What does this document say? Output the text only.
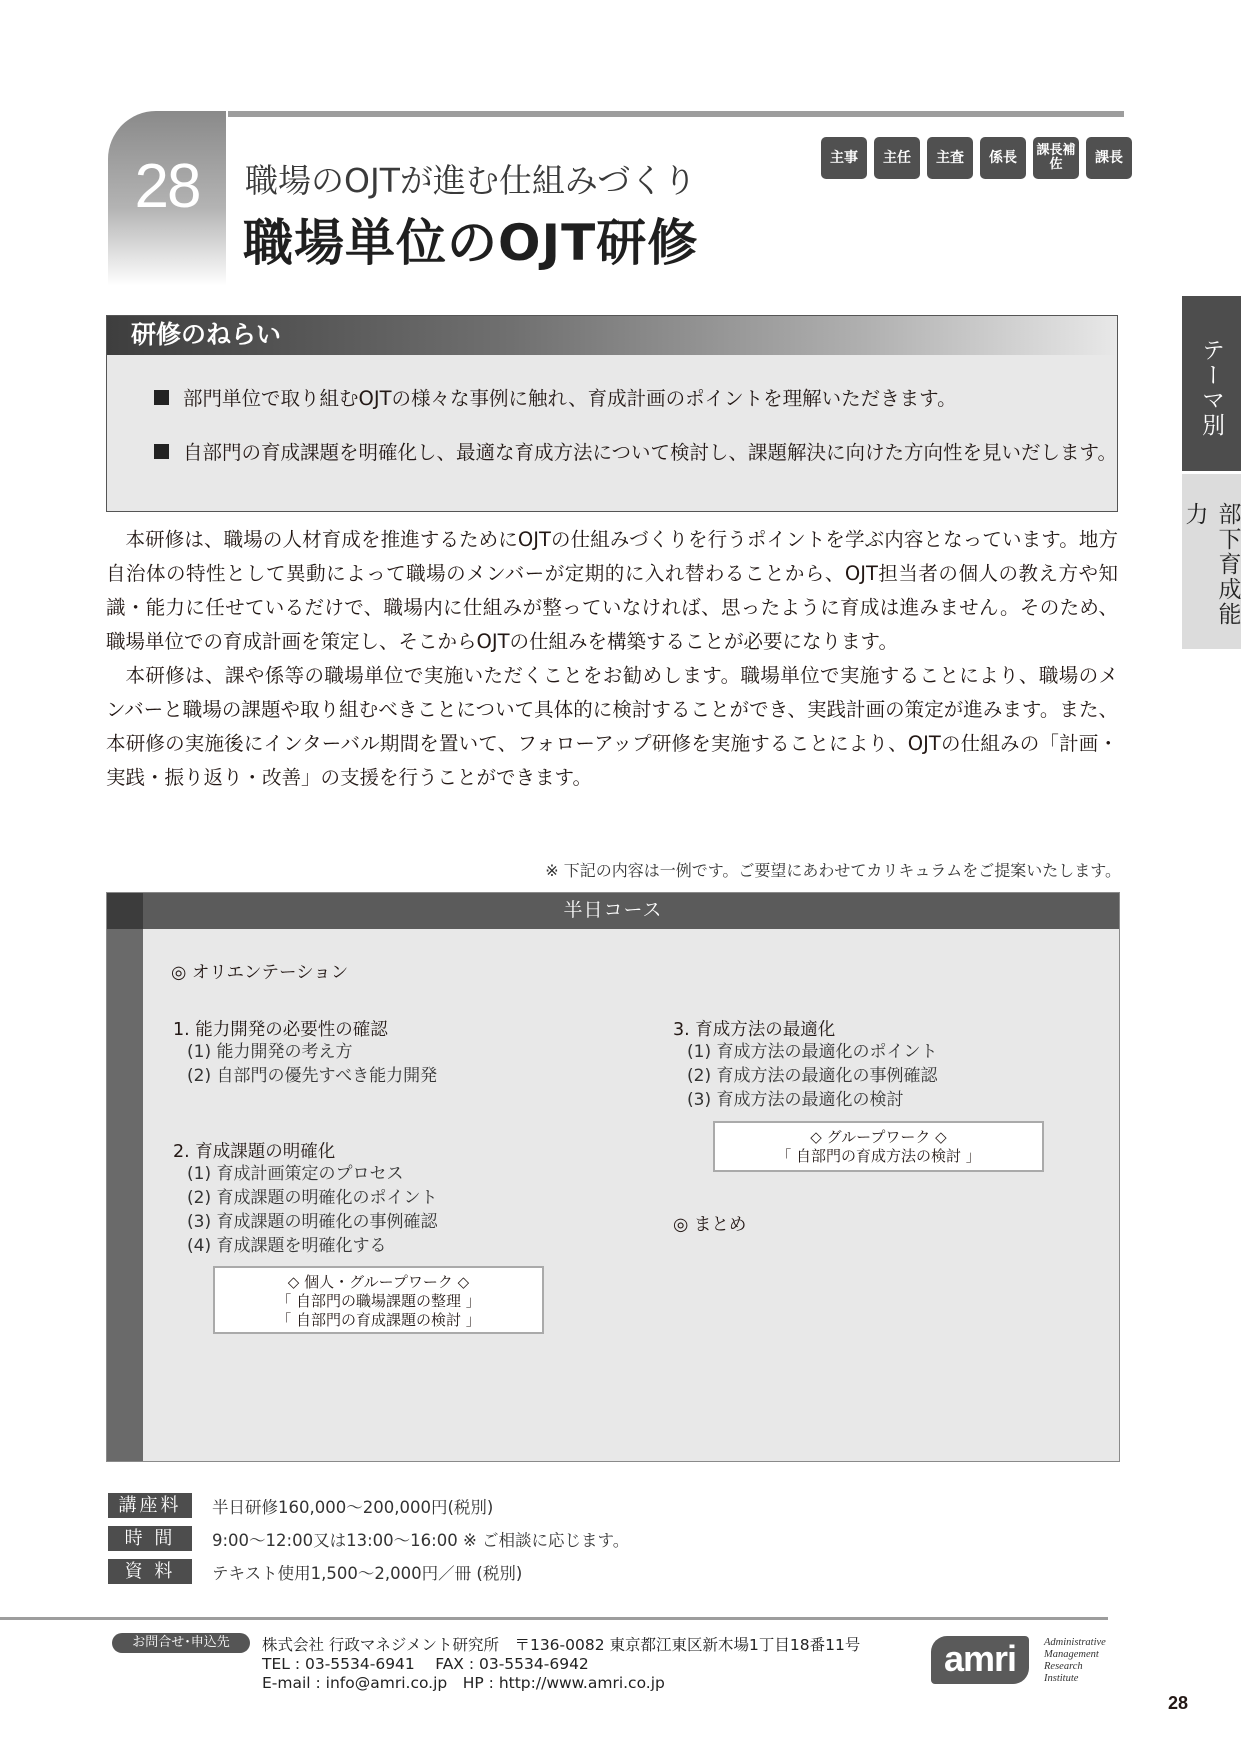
28	職場のOJTが進む仕組みづくり
職場単位のOJT研修
主事	主任	主査	係長	課長補佐	課長
テーマ別
部下育成能力
研修のねらい
部門単位で取り組むOJTの様々な事例に触れ、育成計画のポイントを理解いただきます。
自部門の育成課題を明確化し、最適な育成方法について検討し、課題解決に向けた方向性を見いだします。

本研修は、職場の人材育成を推進するためにOJTの仕組みづくりを行うポイントを学ぶ内容となっています。地方自治体の特性として異動によって職場のメンバーが定期的に入れ替わることから、OJT担当者の個人の教え方や知識・能力に任せているだけで、職場内に仕組みが整っていなければ、思ったように育成は進みません。そのため、職場単位での育成計画を策定し、そこからOJTの仕組みを構築することが必要になります。

本研修は、課や係等の職場単位で実施いただくことをお勧めします。職場単位で実施することにより、職場のメンバーと職場の課題や取り組むべきことについて具体的に検討することができ、実践計画の策定が進みます。また、本研修の実施後にインターバル期間を置いて、フォローアップ研修を実施することにより、OJTの仕組みの「計画・実践・振り返り・改善」の支援を行うことができます。

※ 下記の内容は一例です。ご要望にあわせてカリキュラムをご提案いたします。
半日コース
◎ オリエンテーション
1. 能力開発の必要性の確認
(1) 能力開発の考え方
(2) 自部門の優先すべき能力開発
2. 育成課題の明確化
(1) 育成計画策定のプロセス
(2) 育成課題の明確化のポイント
(3) 育成課題の明確化の事例確認
(4) 育成課題を明確化する
◇ 個人・グループワーク ◇
「 自部門の職場課題の整理 」
「 自部門の育成課題の検討 」
3. 育成方法の最適化
(1) 育成方法の最適化のポイント
(2) 育成方法の最適化の事例確認
(3) 育成方法の最適化の検討
◇ グループワーク ◇
「 自部門の育成方法の検討 」
◎ まとめ
講座料	半日研修160,000～200,000円(税別)
時 間	9:00～12:00又は13:00～16:00 ※ ご相談に応じます。
資 料	テキスト使用1,500～2,000円／冊 (税別)
お問合せ･申込先	株式会社 行政マネジメント研究所　〒136-0082 東京都江東区新木場1丁目18番11号
TEL : 03-5534-6941　 FAX : 03-5534-6942
E-mail : info@amri.co.jp　HP : http://www.amri.co.jp
amri	Administrative
Management
Research
Institute
28
